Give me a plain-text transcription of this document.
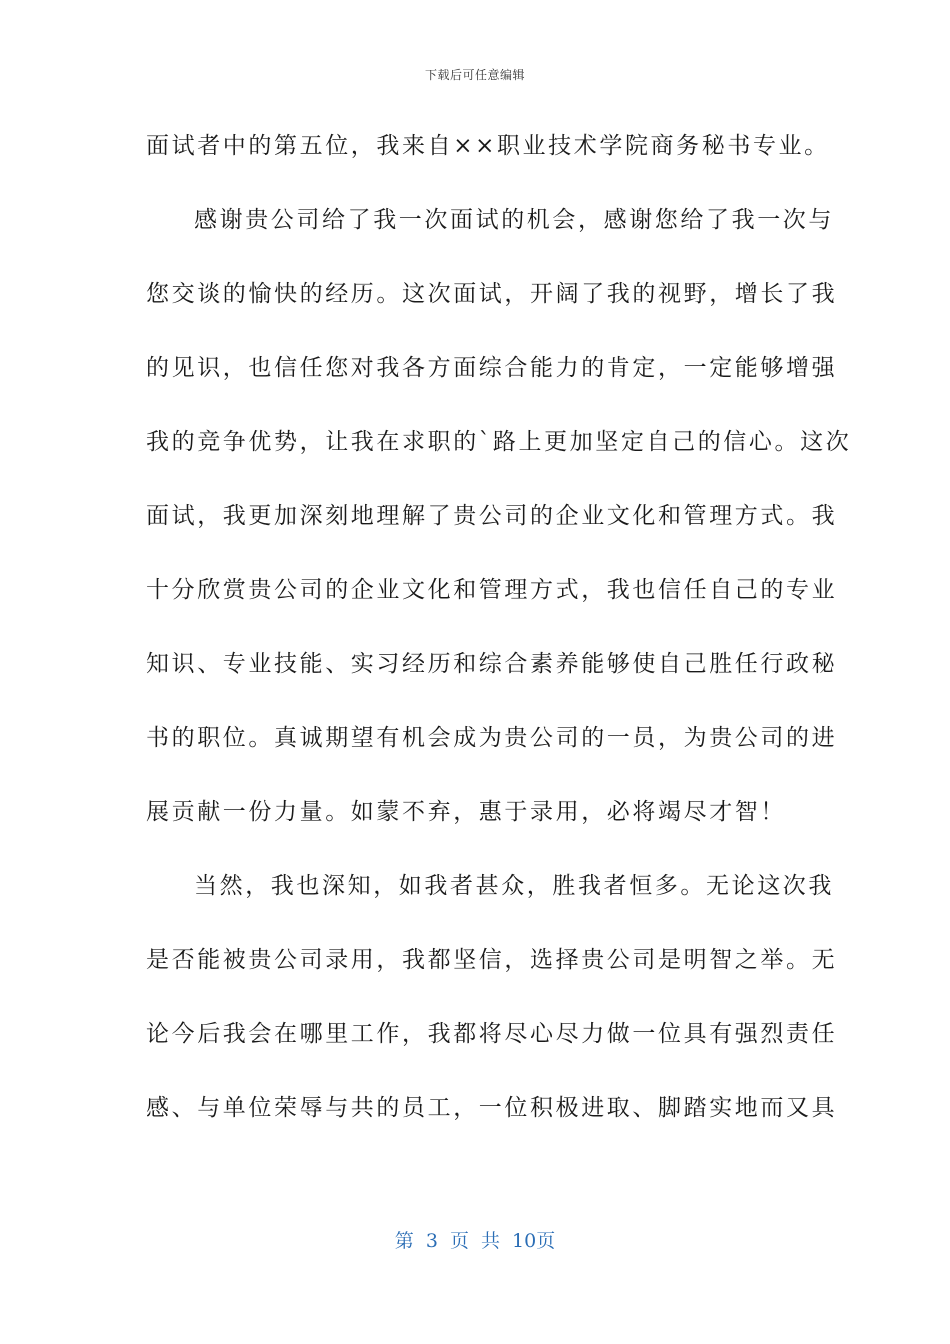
下载后可任意编辑
面试者中的第五位，我来自××职业技术学院商务秘书专业。
感谢贵公司给了我一次面试的机会，感谢您给了我一次与
您交谈的愉快的经历。这次面试，开阔了我的视野，增长了我
的见识，也信任您对我各方面综合能力的肯定，一定能够增强
我的竞争优势，让我在求职的`路上更加坚定自己的信心。这次
面试，我更加深刻地理解了贵公司的企业文化和管理方式。我
十分欣赏贵公司的企业文化和管理方式，我也信任自己的专业
知识、专业技能、实习经历和综合素养能够使自己胜任行政秘
书的职位。真诚期望有机会成为贵公司的一员，为贵公司的进
展贡献一份力量。如蒙不弃，惠于录用，必将竭尽才智！
当然，我也深知，如我者甚众，胜我者恒多。无论这次我
是否能被贵公司录用，我都坚信，选择贵公司是明智之举。无
论今后我会在哪里工作，我都将尽心尽力做一位具有强烈责任
感、与单位荣辱与共的员工，一位积极进取、脚踏实地而又具
第 3 页 共 10页
